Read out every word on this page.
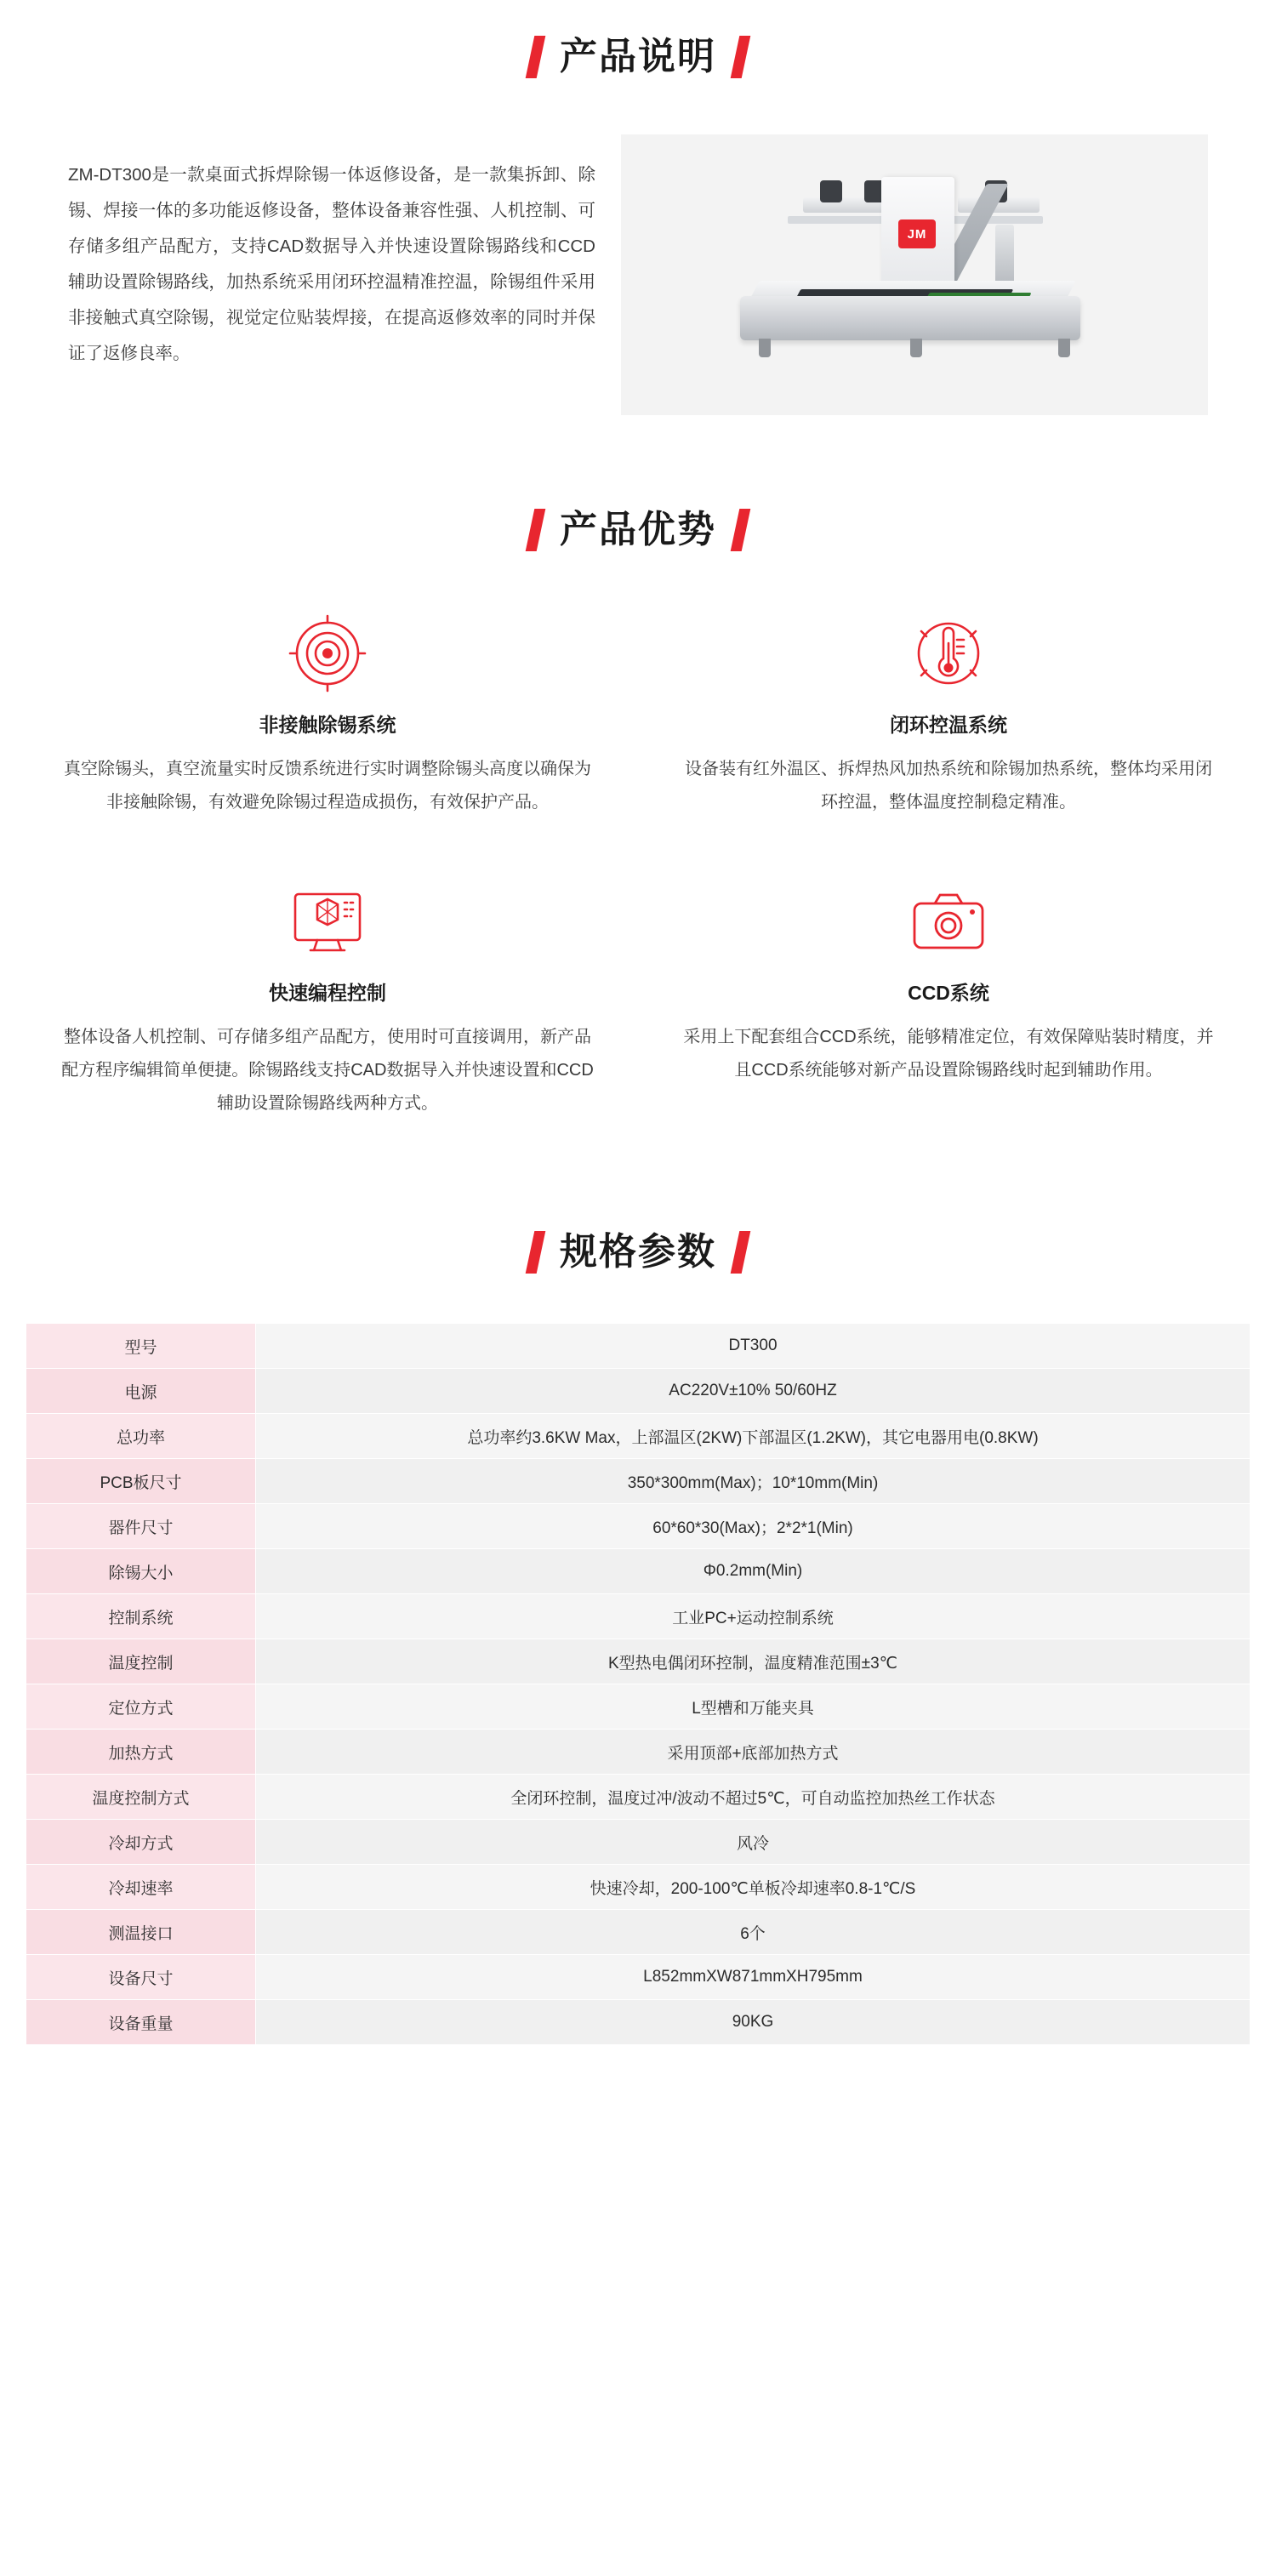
产品说明

ZM-DT300是一款桌面式拆焊除锡一体返修设备，是一款集拆卸、除锡、焊接一体的多功能返修设备，整体设备兼容性强、人机控制、可存储多组产品配方，支持CAD数据导入并快速设置除锡路线和CCD辅助设置除锡路线，加热系统采用闭环控温精准控温，除锡组件采用非接触式真空除锡，视觉定位贴装焊接，在提高返修效率的同时并保证了返修良率。

JM
产品优势
非接触除锡系统
真空除锡头，真空流量实时反馈系统进行实时调整除锡头高度以确保为非接触除锡，有效避免除锡过程造成损伤，有效保护产品。
闭环控温系统
设备装有红外温区、拆焊热风加热系统和除锡加热系统，整体均采用闭环控温，整体温度控制稳定精准。
快速编程控制
整体设备人机控制、可存储多组产品配方，使用时可直接调用，新产品配方程序编辑简单便捷。除锡路线支持CAD数据导入并快速设置和CCD辅助设置除锡路线两种方式。
CCD系统
采用上下配套组合CCD系统，能够精准定位，有效保障贴装时精度，并且CCD系统能够对新产品设置除锡路线时起到辅助作用。
规格参数
型号	DT300
电源	AC220V±10% 50/60HZ
总功率	总功率约3.6KW Max，上部温区(2KW)下部温区(1.2KW)，其它电器用电(0.8KW)
PCB板尺寸	350*300mm(Max)；10*10mm(Min)
器件尺寸	60*60*30(Max)；2*2*1(Min)
除锡大小	Φ0.2mm(Min)
控制系统	工业PC+运动控制系统
温度控制	K型热电偶闭环控制，温度精准范围±3℃
定位方式	L型槽和万能夹具
加热方式	采用顶部+底部加热方式
温度控制方式	全闭环控制，温度过冲/波动不超过5℃，可自动监控加热丝工作状态
冷却方式	风冷
冷却速率	快速冷却，200-100℃单板冷却速率0.8-1℃/S
测温接口	6个
设备尺寸	L852mmXW871mmXH795mm
设备重量	90KG
